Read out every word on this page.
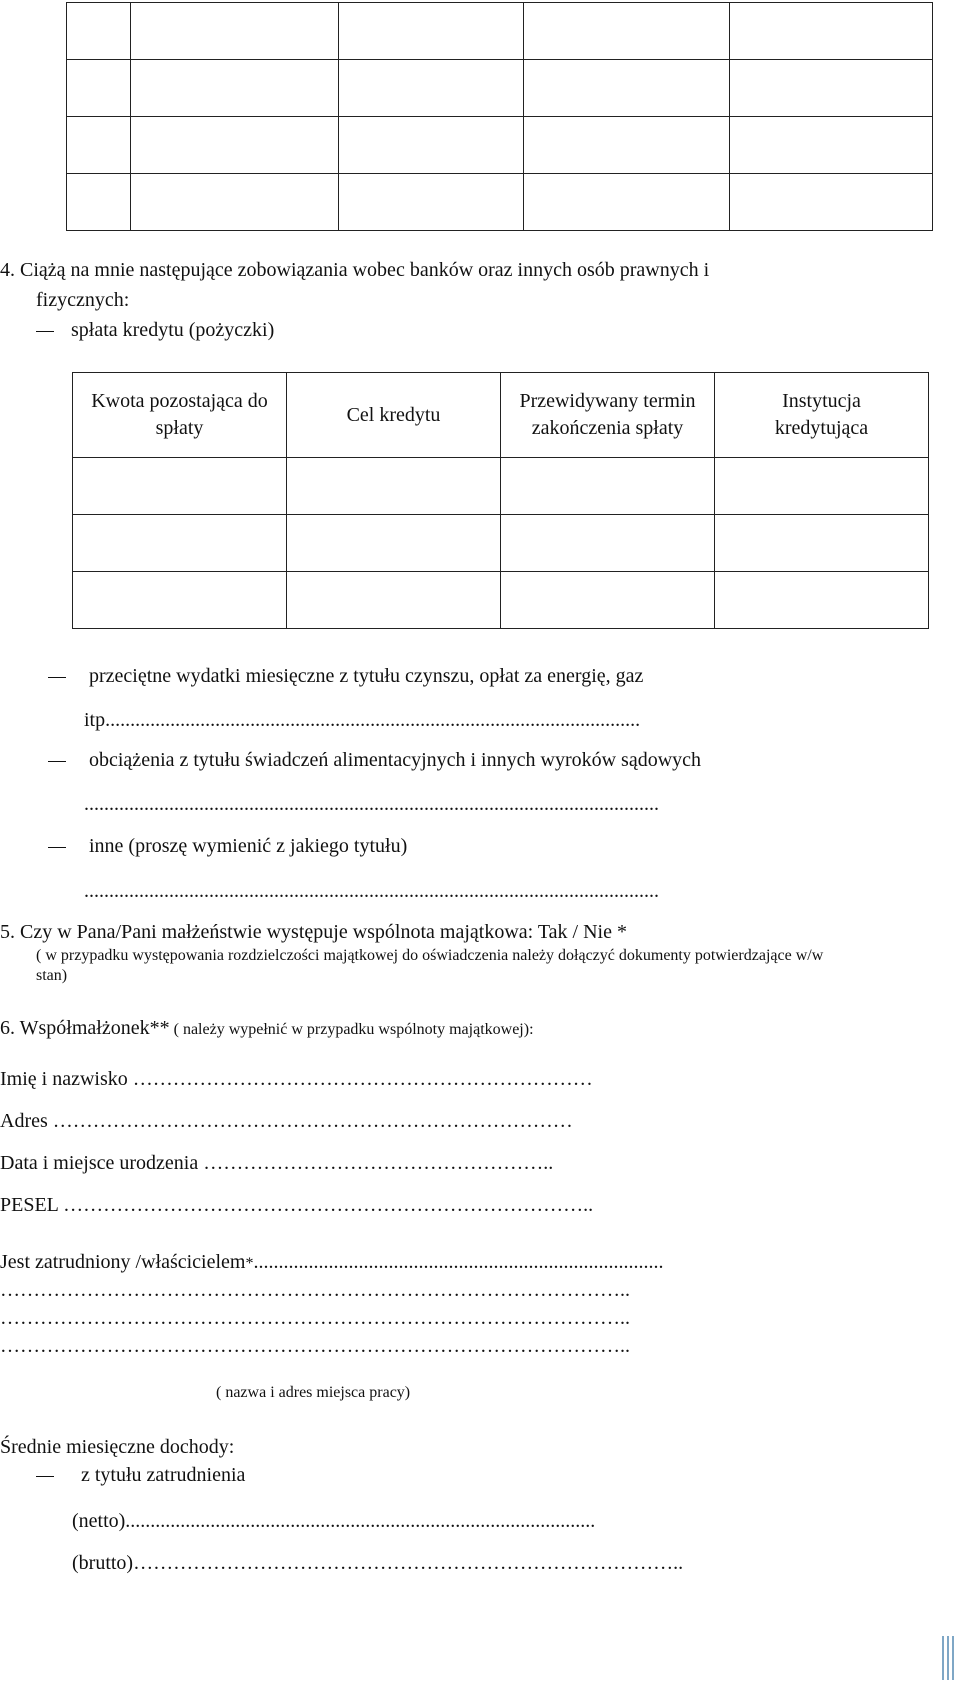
4. Ciążą na mnie następujące zobowiązania wobec banków oraz innych osób prawnych i
fizycznych:
spłata kredytu (pożyczki)
Kwota pozostająca do spłaty	Cel kredytu	Przewidywany termin zakończenia spłaty	Instytucja kredytująca

przeciętne wydatki miesięczne z tytułu czynszu, opłat za energię, gaz
itp...........................................................................................................
obciążenia z tytułu świadczeń alimentacyjnych i innych wyroków sądowych
...................................................................................................................
inne (proszę wymienić z jakiego tytułu)
...................................................................................................................
5. Czy w Pana/Pani małżeństwie występuje wspólnota majątkowa: Tak / Nie *
( w przypadku występowania rozdzielczości majątkowej do oświadczenia należy dołączyć dokumenty potwierdzające w/w
stan)
6. Współmałżonek** ( należy wypełnić w przypadku wspólnoty majątkowej):
Imię i nazwisko ……………………………………………………………
Adres ……………………………………………………………………
Data i miejsce urodzenia ……………………………………………..
PESEL ……………………………………………………………………..
Jest zatrudniony /właścicielem*..................................................................................
…………………………………………………………………………………..
…………………………………………………………………………………..
…………………………………………………………………………………..
( nazwa i adres miejsca pracy)
Średnie miesięczne dochody:
z tytułu zatrudnienia
(netto)..............................................................................................
(brutto)………………………………………………………………………..
